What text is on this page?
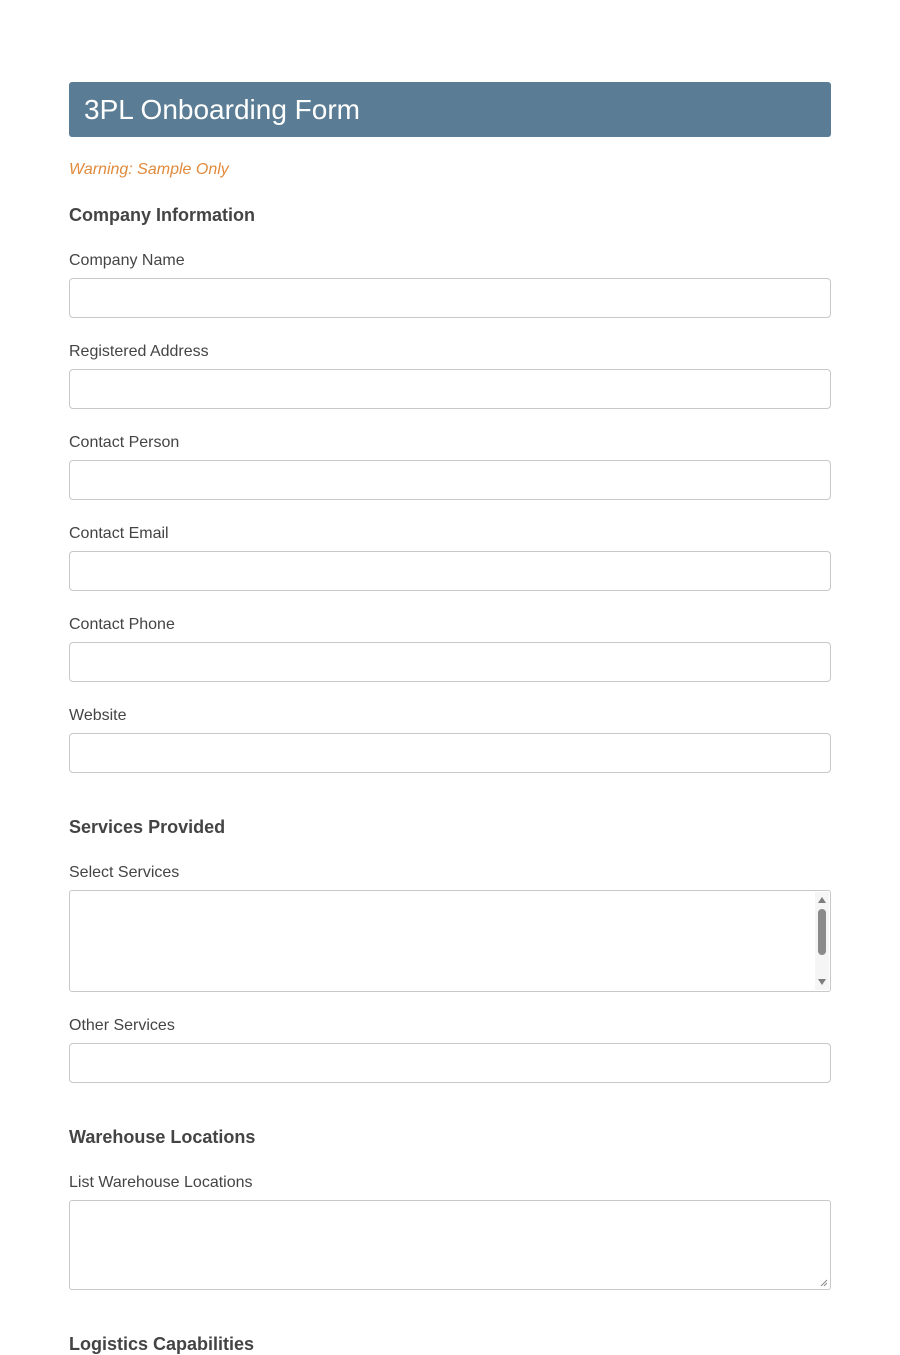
3PL Onboarding Form
Warning: Sample Only
Company Information
Company Name
Registered Address
Contact Person
Contact Email
Contact Phone
Website
Services Provided
Select Services
Other Services
Warehouse Locations
List Warehouse Locations
Logistics Capabilities
